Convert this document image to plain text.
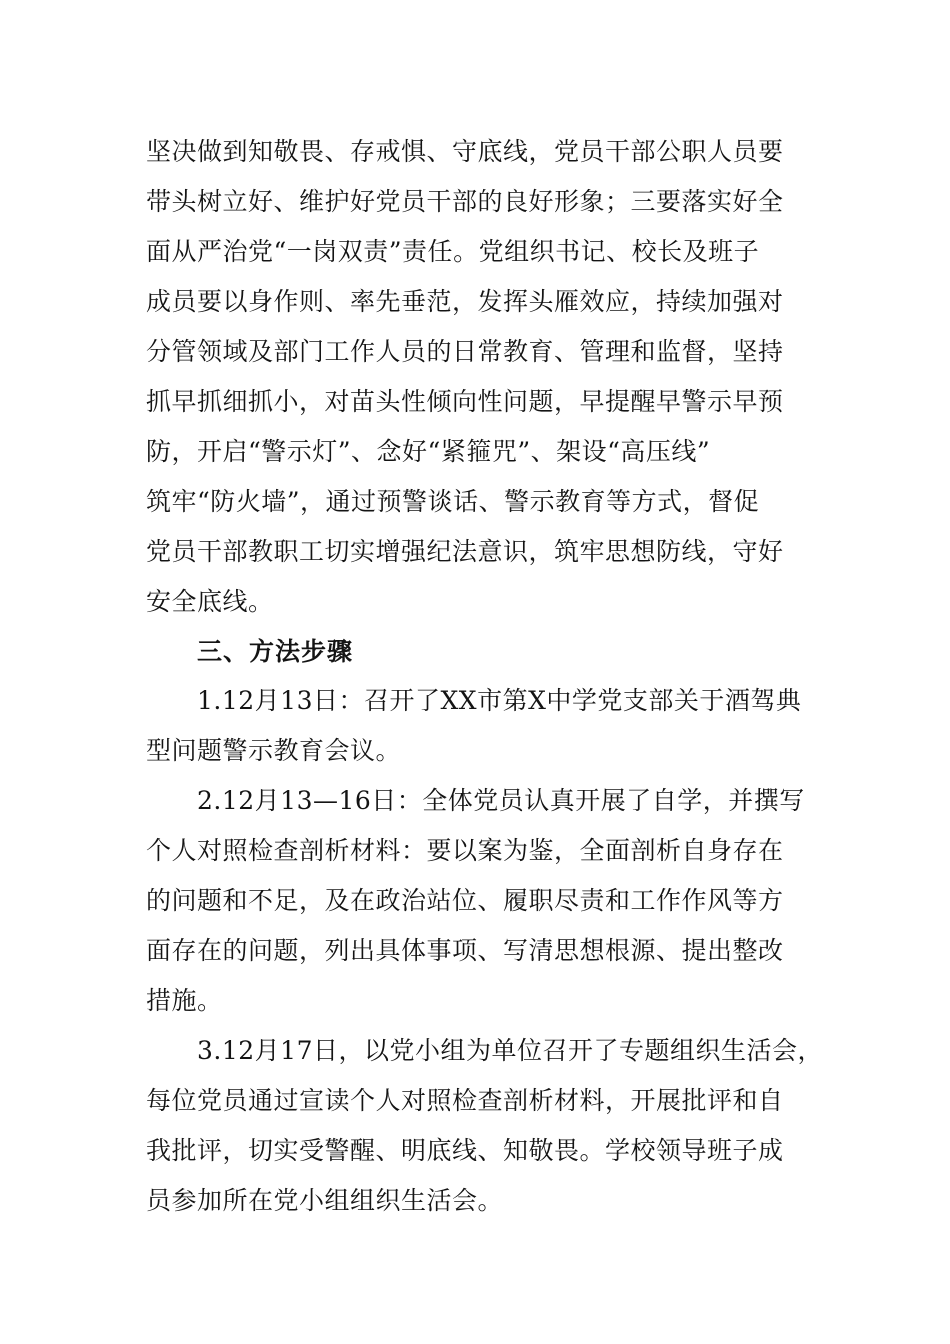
坚决做到知敬畏、存戒惧、守底线，党员干部公职人员要
带头树立好、维护好党员干部的良好形象；三要落实好全
面从严治党“一岗双责”责任。党组织书记、校长及班子
成员要以身作则、率先垂范，发挥头雁效应，持续加强对
分管领域及部门工作人员的日常教育、管理和监督，坚持
抓早抓细抓小，对苗头性倾向性问题，早提醒早警示早预
防，开启“警示灯”、念好“紧箍咒”、架设“高压线”
筑牢“防火墙”，通过预警谈话、警示教育等方式，督促
党员干部教职工切实增强纪法意识，筑牢思想防线，守好
安全底线。
三、方法步骤
1.12月13日：召开了XX市第X中学党支部关于酒驾典
型问题警示教育会议。
2.12月13—16日：全体党员认真开展了自学，并撰写
个人对照检查剖析材料：要以案为鉴，全面剖析自身存在
的问题和不足，及在政治站位、履职尽责和工作作风等方
面存在的问题，列出具体事项、写清思想根源、提出整改
措施。
3.12月17日，以党小组为单位召开了专题组织生活会，
每位党员通过宣读个人对照检查剖析材料，开展批评和自
我批评，切实受警醒、明底线、知敬畏。学校领导班子成
员参加所在党小组组织生活会。
